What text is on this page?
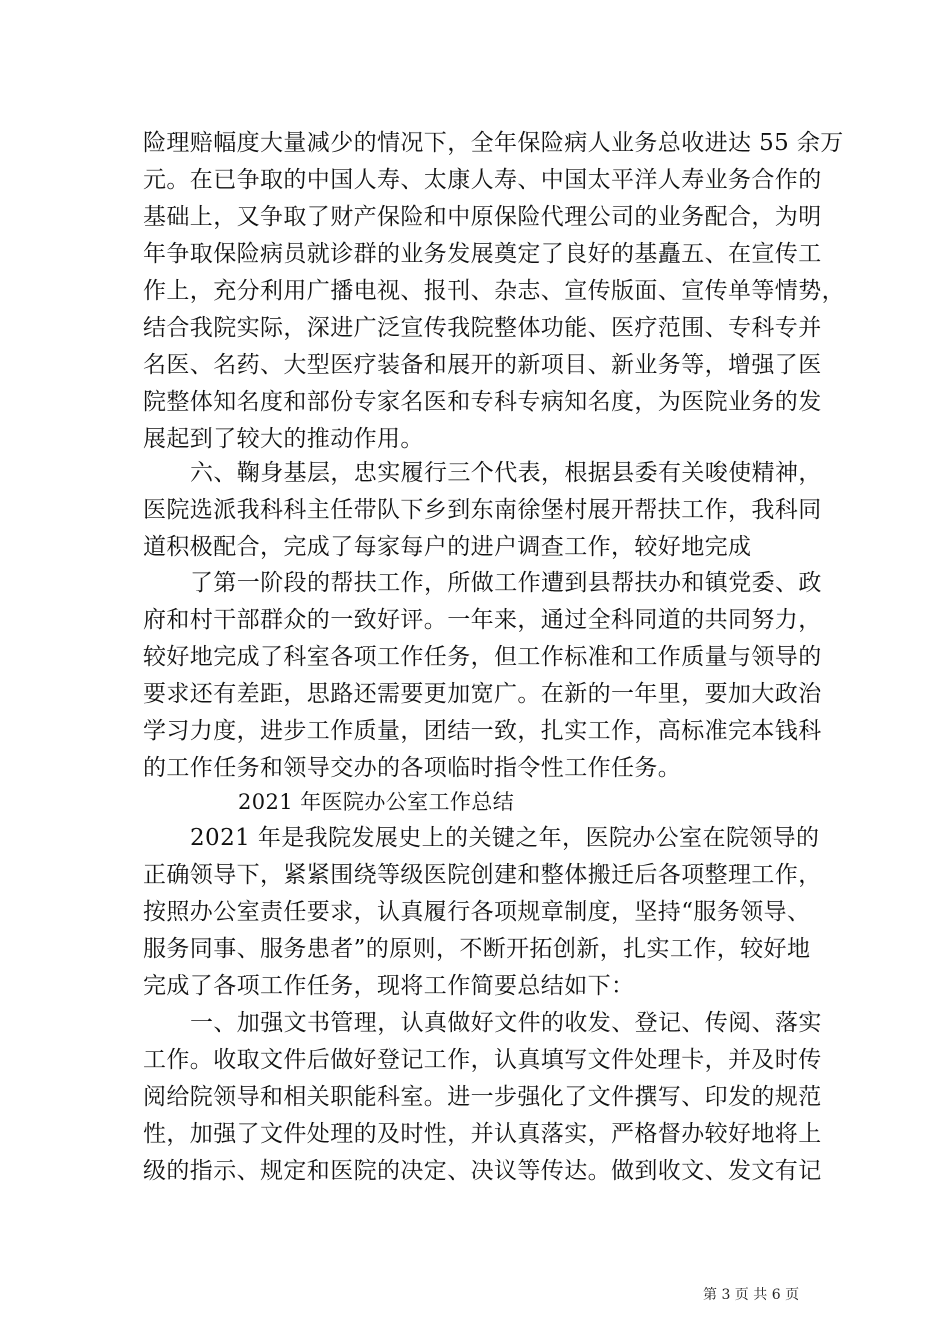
险理赔幅度大量减少的情况下，全年保险病人业务总收进达 55 余万
元。在已争取的中国人寿、太康人寿、中国太平洋人寿业务合作的
基础上，又争取了财产保险和中原保险代理公司的业务配合，为明
年争取保险病员就诊群的业务发展奠定了良好的基矗五、在宣传工
作上，充分利用广播电视、报刊、杂志、宣传版面、宣传单等情势，
结合我院实际，深进广泛宣传我院整体功能、医疗范围、专科专并
名医、名药、大型医疗装备和展开的新项目、新业务等，增强了医
院整体知名度和部份专家名医和专科专病知名度，为医院业务的发
展起到了较大的推动作用。
六、鞠身基层，忠实履行三个代表，根据县委有关唆使精神，
医院选派我科科主任带队下乡到东南徐堡村展开帮扶工作，我科同
道积极配合，完成了每家每户的进户调查工作，较好地完成
了第一阶段的帮扶工作，所做工作遭到县帮扶办和镇党委、政
府和村干部群众的一致好评。一年来，通过全科同道的共同努力，
较好地完成了科室各项工作任务，但工作标准和工作质量与领导的
要求还有差距，思路还需要更加宽广。在新的一年里，要加大政治
学习力度，进步工作质量，团结一致，扎实工作，高标准完本钱科
的工作任务和领导交办的各项临时指令性工作任务。
2021 年医院办公室工作总结
2021 年是我院发展史上的关键之年，医院办公室在院领导的
正确领导下，紧紧围绕等级医院创建和整体搬迁后各项整理工作，
按照办公室责任要求，认真履行各项规章制度，坚持“服务领导、
服务同事、服务患者”的原则，不断开拓创新，扎实工作，较好地
完成了各项工作任务，现将工作简要总结如下：
一、加强文书管理，认真做好文件的收发、登记、传阅、落实
工作。收取文件后做好登记工作，认真填写文件处理卡，并及时传
阅给院领导和相关职能科室。进一步强化了文件撰写、印发的规范
性，加强了文件处理的及时性，并认真落实，严格督办较好地将上
级的指示、规定和医院的决定、决议等传达。做到收文、发文有记
第 3 页 共 6 页
